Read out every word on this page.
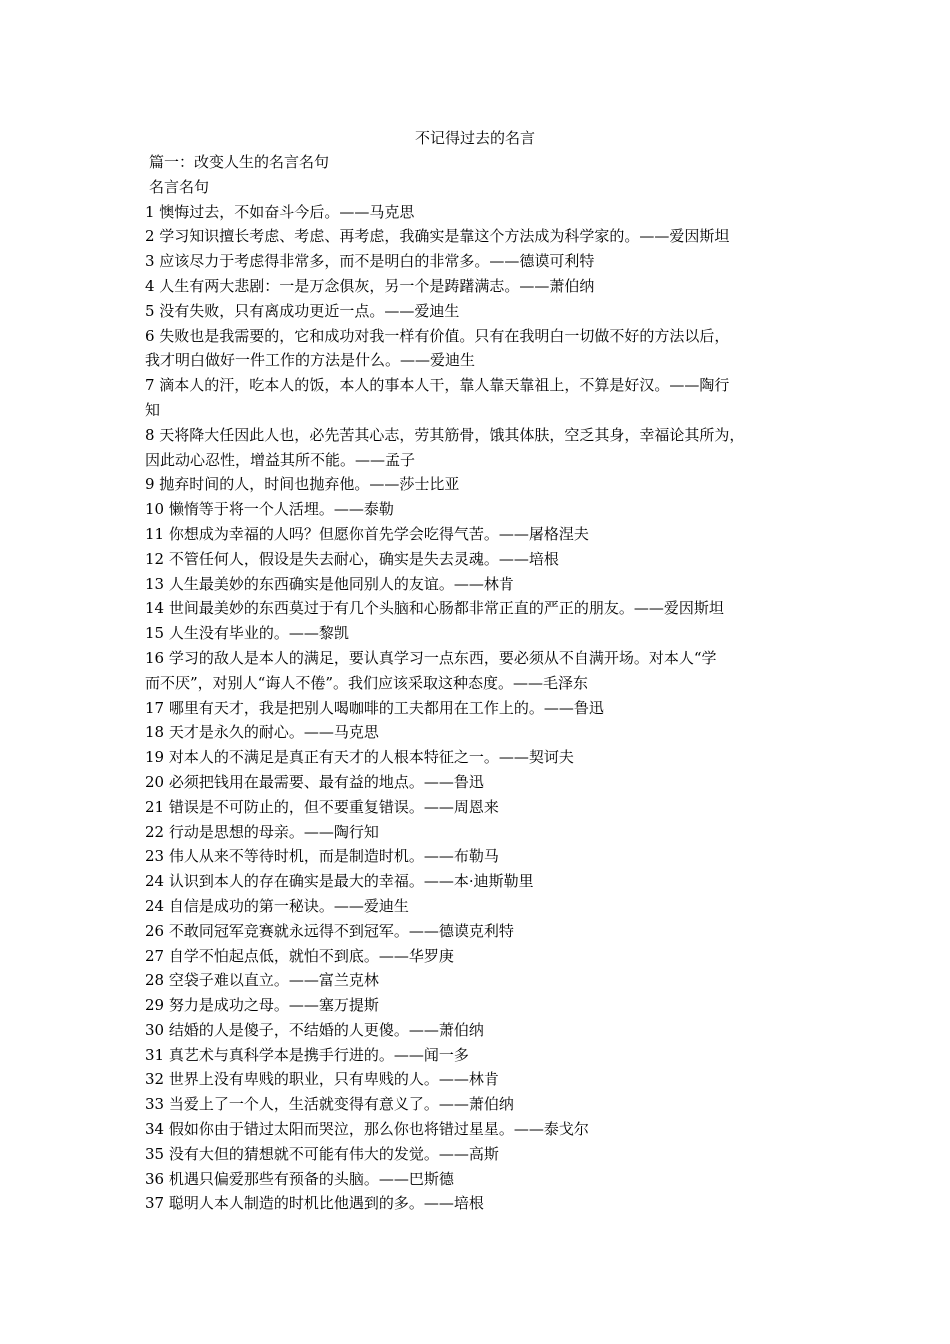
不记得过去的名言
篇一：改变人生的名言名句
名言名句
1 懊悔过去，不如奋斗今后。——马克思
2 学习知识擅长考虑、考虑、再考虑，我确实是靠这个方法成为科学家的。——爱因斯坦
3 应该尽力于考虑得非常多，而不是明白的非常多。——德谟可利特
4 人生有两大悲剧：一是万念俱灰，另一个是踌躇满志。——萧伯纳
5 没有失败，只有离成功更近一点。——爱迪生
6 失败也是我需要的，它和成功对我一样有价值。只有在我明白一切做不好的方法以后，
我才明白做好一件工作的方法是什么。——爱迪生
7 滴本人的汗，吃本人的饭，本人的事本人干，靠人靠天靠祖上，不算是好汉。——陶行
知
8 天将降大任因此人也，必先苦其心志，劳其筋骨，饿其体肤，空乏其身，幸福论其所为，
因此动心忍性，增益其所不能。——孟子
9 抛弃时间的人，时间也抛弃他。——莎士比亚
10 懒惰等于将一个人活埋。——泰勒
11 你想成为幸福的人吗？但愿你首先学会吃得气苦。——屠格涅夫
12 不管任何人，假设是失去耐心，确实是失去灵魂。——培根
13 人生最美妙的东西确实是他同别人的友谊。——林肯
14 世间最美妙的东西莫过于有几个头脑和心肠都非常正直的严正的朋友。——爱因斯坦
15 人生没有毕业的。——黎凯
16 学习的敌人是本人的满足，要认真学习一点东西，要必须从不自满开场。对本人“学
而不厌”，对别人“诲人不倦”。我们应该采取这种态度。——毛泽东
17 哪里有天才，我是把别人喝咖啡的工夫都用在工作上的。——鲁迅
18 天才是永久的耐心。——马克思
19 对本人的不满足是真正有天才的人根本特征之一。——契诃夫
20 必须把钱用在最需要、最有益的地点。——鲁迅
21 错误是不可防止的，但不要重复错误。——周恩来
22 行动是思想的母亲。——陶行知
23 伟人从来不等待时机，而是制造时机。——布勒马
24 认识到本人的存在确实是最大的幸福。——本·迪斯勒里
24 自信是成功的第一秘诀。——爱迪生
26 不敢同冠军竞赛就永远得不到冠军。——德谟克利特
27 自学不怕起点低，就怕不到底。——华罗庚
28 空袋子难以直立。——富兰克林
29 努力是成功之母。——塞万提斯
30 结婚的人是傻子，不结婚的人更傻。——萧伯纳
31 真艺术与真科学本是携手行进的。——闻一多
32 世界上没有卑贱的职业，只有卑贱的人。——林肯
33 当爱上了一个人，生活就变得有意义了。——萧伯纳
34 假如你由于错过太阳而哭泣，那么你也将错过星星。——泰戈尔
35 没有大但的猜想就不可能有伟大的发觉。——高斯
36 机遇只偏爱那些有预备的头脑。——巴斯德
37 聪明人本人制造的时机比他遇到的多。——培根
